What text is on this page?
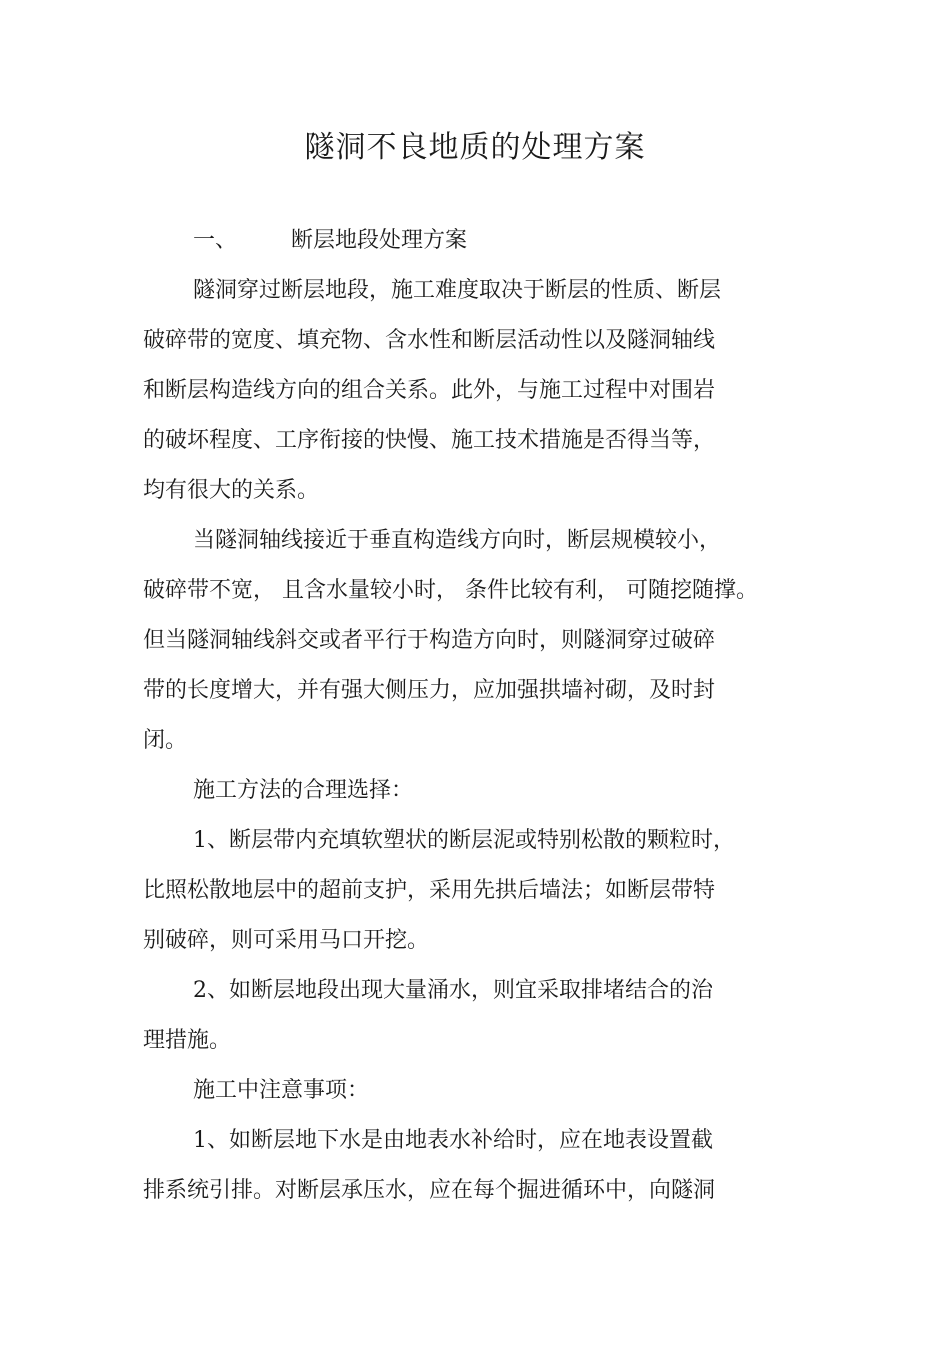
隧洞不良地质的处理方案
一、 断层地段处理方案
隧洞穿过断层地段，施工难度取决于断层的性质、断层
破碎带的宽度、填充物、含水性和断层活动性以及隧洞轴线
和断层构造线方向的组合关系。此外，与施工过程中对围岩
的破坏程度、工序衔接的快慢、施工技术措施是否得当等，
均有很大的关系。
当隧洞轴线接近于垂直构造线方向时，断层规模较小，
破碎带不宽， 且含水量较小时， 条件比较有利， 可随挖随撑。
但当隧洞轴线斜交或者平行于构造方向时，则隧洞穿过破碎
带的长度增大，并有强大侧压力，应加强拱墙衬砌，及时封
闭。
施工方法的合理选择：
1、断层带内充填软塑状的断层泥或特别松散的颗粒时，
比照松散地层中的超前支护，采用先拱后墙法；如断层带特
别破碎，则可采用马口开挖。
2、如断层地段出现大量涌水，则宜采取排堵结合的治
理措施。
施工中注意事项：
1、如断层地下水是由地表水补给时，应在地表设置截
排系统引排。对断层承压水，应在每个掘进循环中，向隧洞
